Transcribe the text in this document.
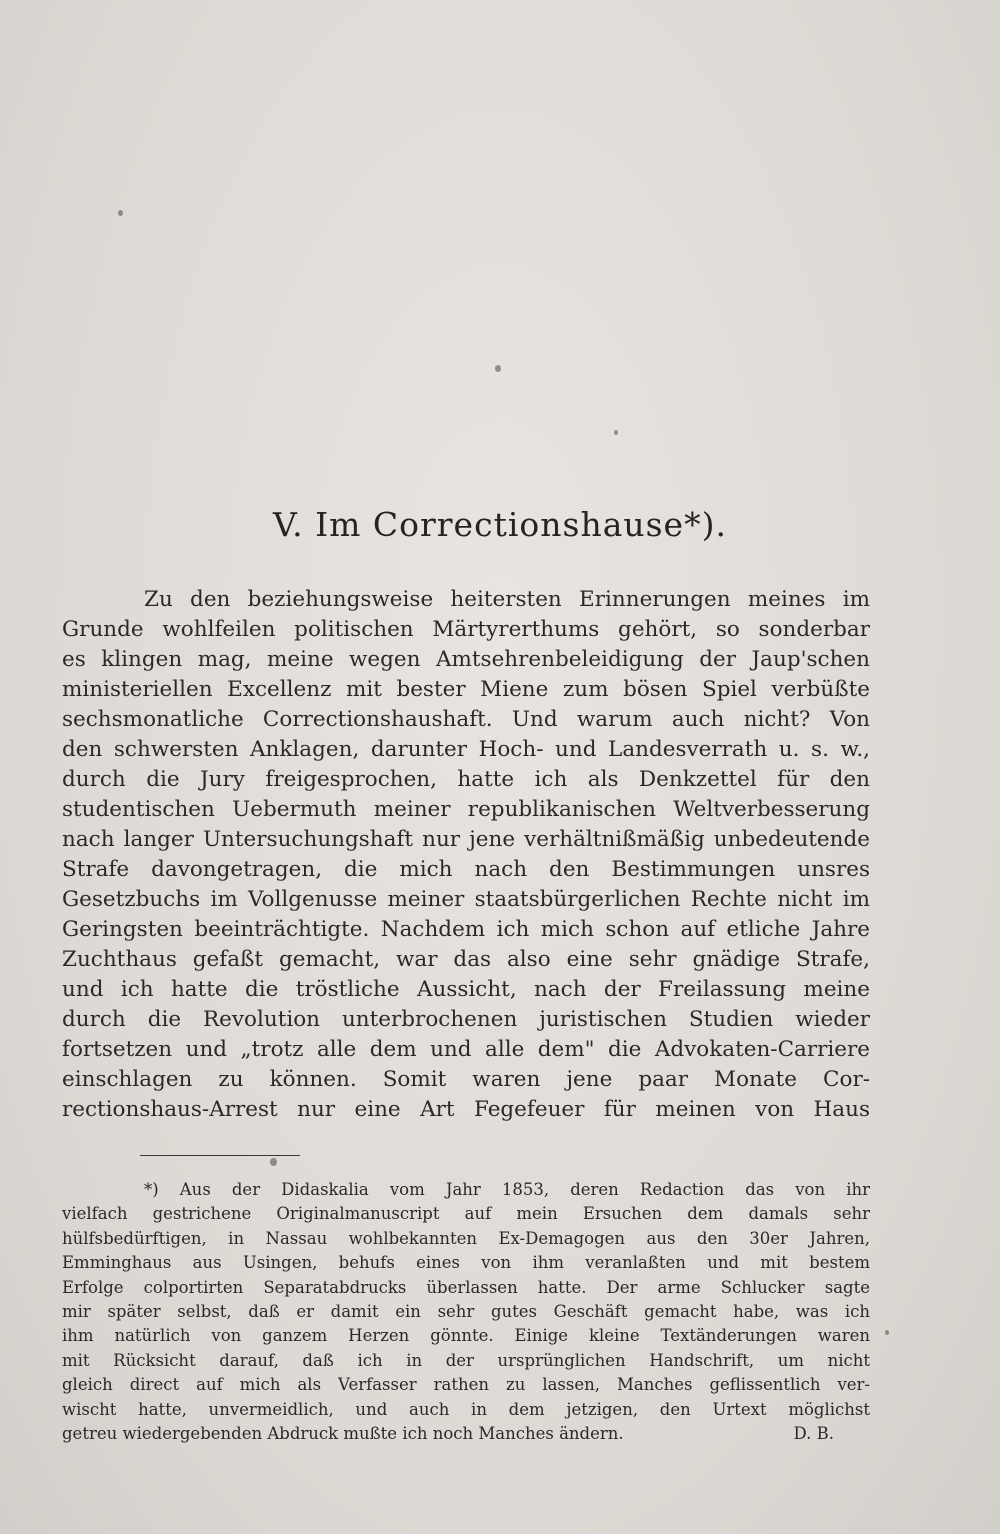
V. Im Correctionshause*).
Zu den beziehungsweise heitersten Erinnerungen meines im
Grunde wohlfeilen politischen Märtyrerthums gehört, so sonderbar
es klingen mag, meine wegen Amtsehrenbeleidigung der Jaup'schen
ministeriellen Excellenz mit bester Miene zum bösen Spiel verbüßte
sechsmonatliche Correctionshaushaft. Und warum auch nicht? Von
den schwersten Anklagen, darunter Hoch- und Landesverrath u. s. w.,
durch die Jury freigesprochen, hatte ich als Denkzettel für den
studentischen Uebermuth meiner republikanischen Weltverbesserung
nach langer Untersuchungshaft nur jene verhältnißmäßig unbedeutende
Strafe davongetragen, die mich nach den Bestimmungen unsres
Gesetzbuchs im Vollgenusse meiner staatsbürgerlichen Rechte nicht im
Geringsten beeinträchtigte. Nachdem ich mich schon auf etliche Jahre
Zuchthaus gefaßt gemacht, war das also eine sehr gnädige Strafe,
und ich hatte die tröstliche Aussicht, nach der Freilassung meine
durch die Revolution unterbrochenen juristischen Studien wieder
fortsetzen und „trotz alle dem und alle dem" die Advokaten-Carriere
einschlagen zu können. Somit waren jene paar Monate Cor-
rectionshaus-Arrest nur eine Art Fegefeuer für meinen von Haus
*) Aus der Didaskalia vom Jahr 1853, deren Redaction das von ihr
vielfach gestrichene Originalmanuscript auf mein Ersuchen dem damals sehr
hülfsbedürftigen, in Nassau wohlbekannten Ex-Demagogen aus den 30er Jahren,
Emminghaus aus Usingen, behufs eines von ihm veranlaßten und mit bestem
Erfolge colportirten Separatabdrucks überlassen hatte. Der arme Schlucker sagte
mir später selbst, daß er damit ein sehr gutes Geschäft gemacht habe, was ich
ihm natürlich von ganzem Herzen gönnte. Einige kleine Textänderungen waren
mit Rücksicht darauf, daß ich in der ursprünglichen Handschrift, um nicht
gleich direct auf mich als Verfasser rathen zu lassen, Manches geflissentlich ver-
wischt hatte, unvermeidlich, und auch in dem jetzigen, den Urtext möglichst
getreu wiedergebenden Abdruck mußte ich noch Manches ändern.	D. B.
